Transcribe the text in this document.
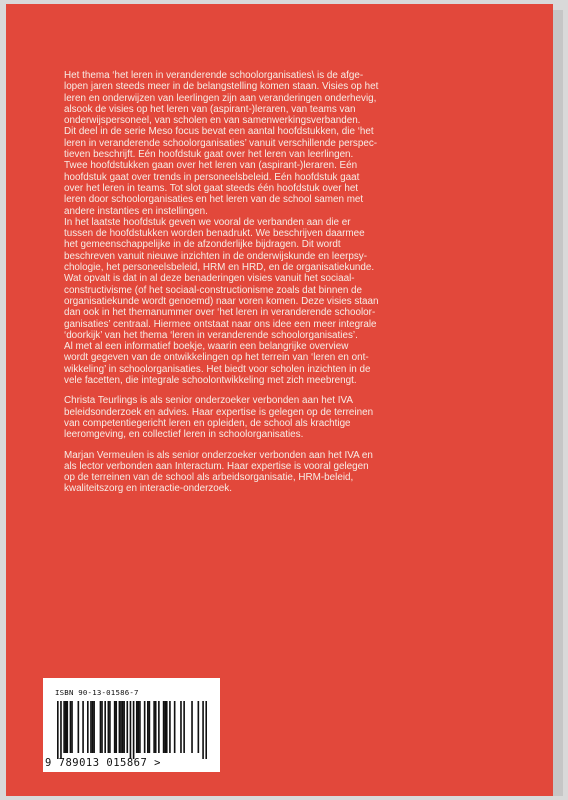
Het thema ‘het leren in veranderende schoolorganisaties\ is de afge-
lopen jaren steeds meer in de belangstelling komen staan. Visies op het
leren en onderwijzen van leerlingen zijn aan veranderingen onderhevig,
alsook de visies op het leren van (aspirant-)leraren, van teams van
onderwijspersoneel, van scholen en van samenwerkingsverbanden.
Dit deel in de serie Meso focus bevat een aantal hoofdstukken, die ‘het
leren in veranderende schoolorganisaties’ vanuit verschillende perspec-
tieven beschrijft. Eén hoofdstuk gaat over het leren van leerlingen.
Twee hoofdstukken gaan over het leren van (aspirant-)leraren. Eén
hoofdstuk gaat over trends in personeelsbeleid. Eén hoofdstuk gaat
over het leren in teams. Tot slot gaat steeds één hoofdstuk over het
leren door schoolorganisaties en het leren van de school samen met
andere instanties en instellingen.

In het laatste hoofdstuk geven we vooral de verbanden aan die er
tussen de hoofdstukken worden benadrukt. We beschrijven daarmee
het gemeenschappelijke in de afzonderlijke bijdragen. Dit wordt
beschreven vanuit nieuwe inzichten in de onderwijskunde en leerpsy-
chologie, het personeelsbeleid, HRM en HRD, en de organisatiekunde.
Wat opvalt is dat in al deze benaderingen visies vanuit het sociaal-
constructivisme (of het sociaal-constructionisme zoals dat binnen de
organisatiekunde wordt genoemd) naar voren komen. Deze visies staan
dan ook in het themanummer over ‘het leren in veranderende schoolor-
ganisaties’ centraal. Hiermee ontstaat naar ons idee een meer integrale
‘doorkijk’ van het thema ‘leren in veranderende schoolorganisaties’.
Al met al een informatief boekje, waarin een belangrijke overview
wordt gegeven van de ontwikkelingen op het terrein van ‘leren en ont-
wikkeling’ in schoolorganisaties. Het biedt voor scholen inzichten in de
vele facetten, die integrale schoolontwikkeling met zich meebrengt.

Christa Teurlings is als senior onderzoeker verbonden aan het IVA
beleidsonderzoek en advies. Haar expertise is gelegen op de terreinen
van competentiegericht leren en opleiden, de school als krachtige
leeromgeving, en collectief leren in schoolorganisaties.

Marjan Vermeulen is als senior onderzoeker verbonden aan het IVA en
als lector verbonden aan Interactum. Haar expertise is vooral gelegen
op de terreinen van de school als arbeidsorganisatie, HRM-beleid,
kwaliteitszorg en interactie-onderzoek.

ISBN 90-13-01586-7
9 789013 015867 >
